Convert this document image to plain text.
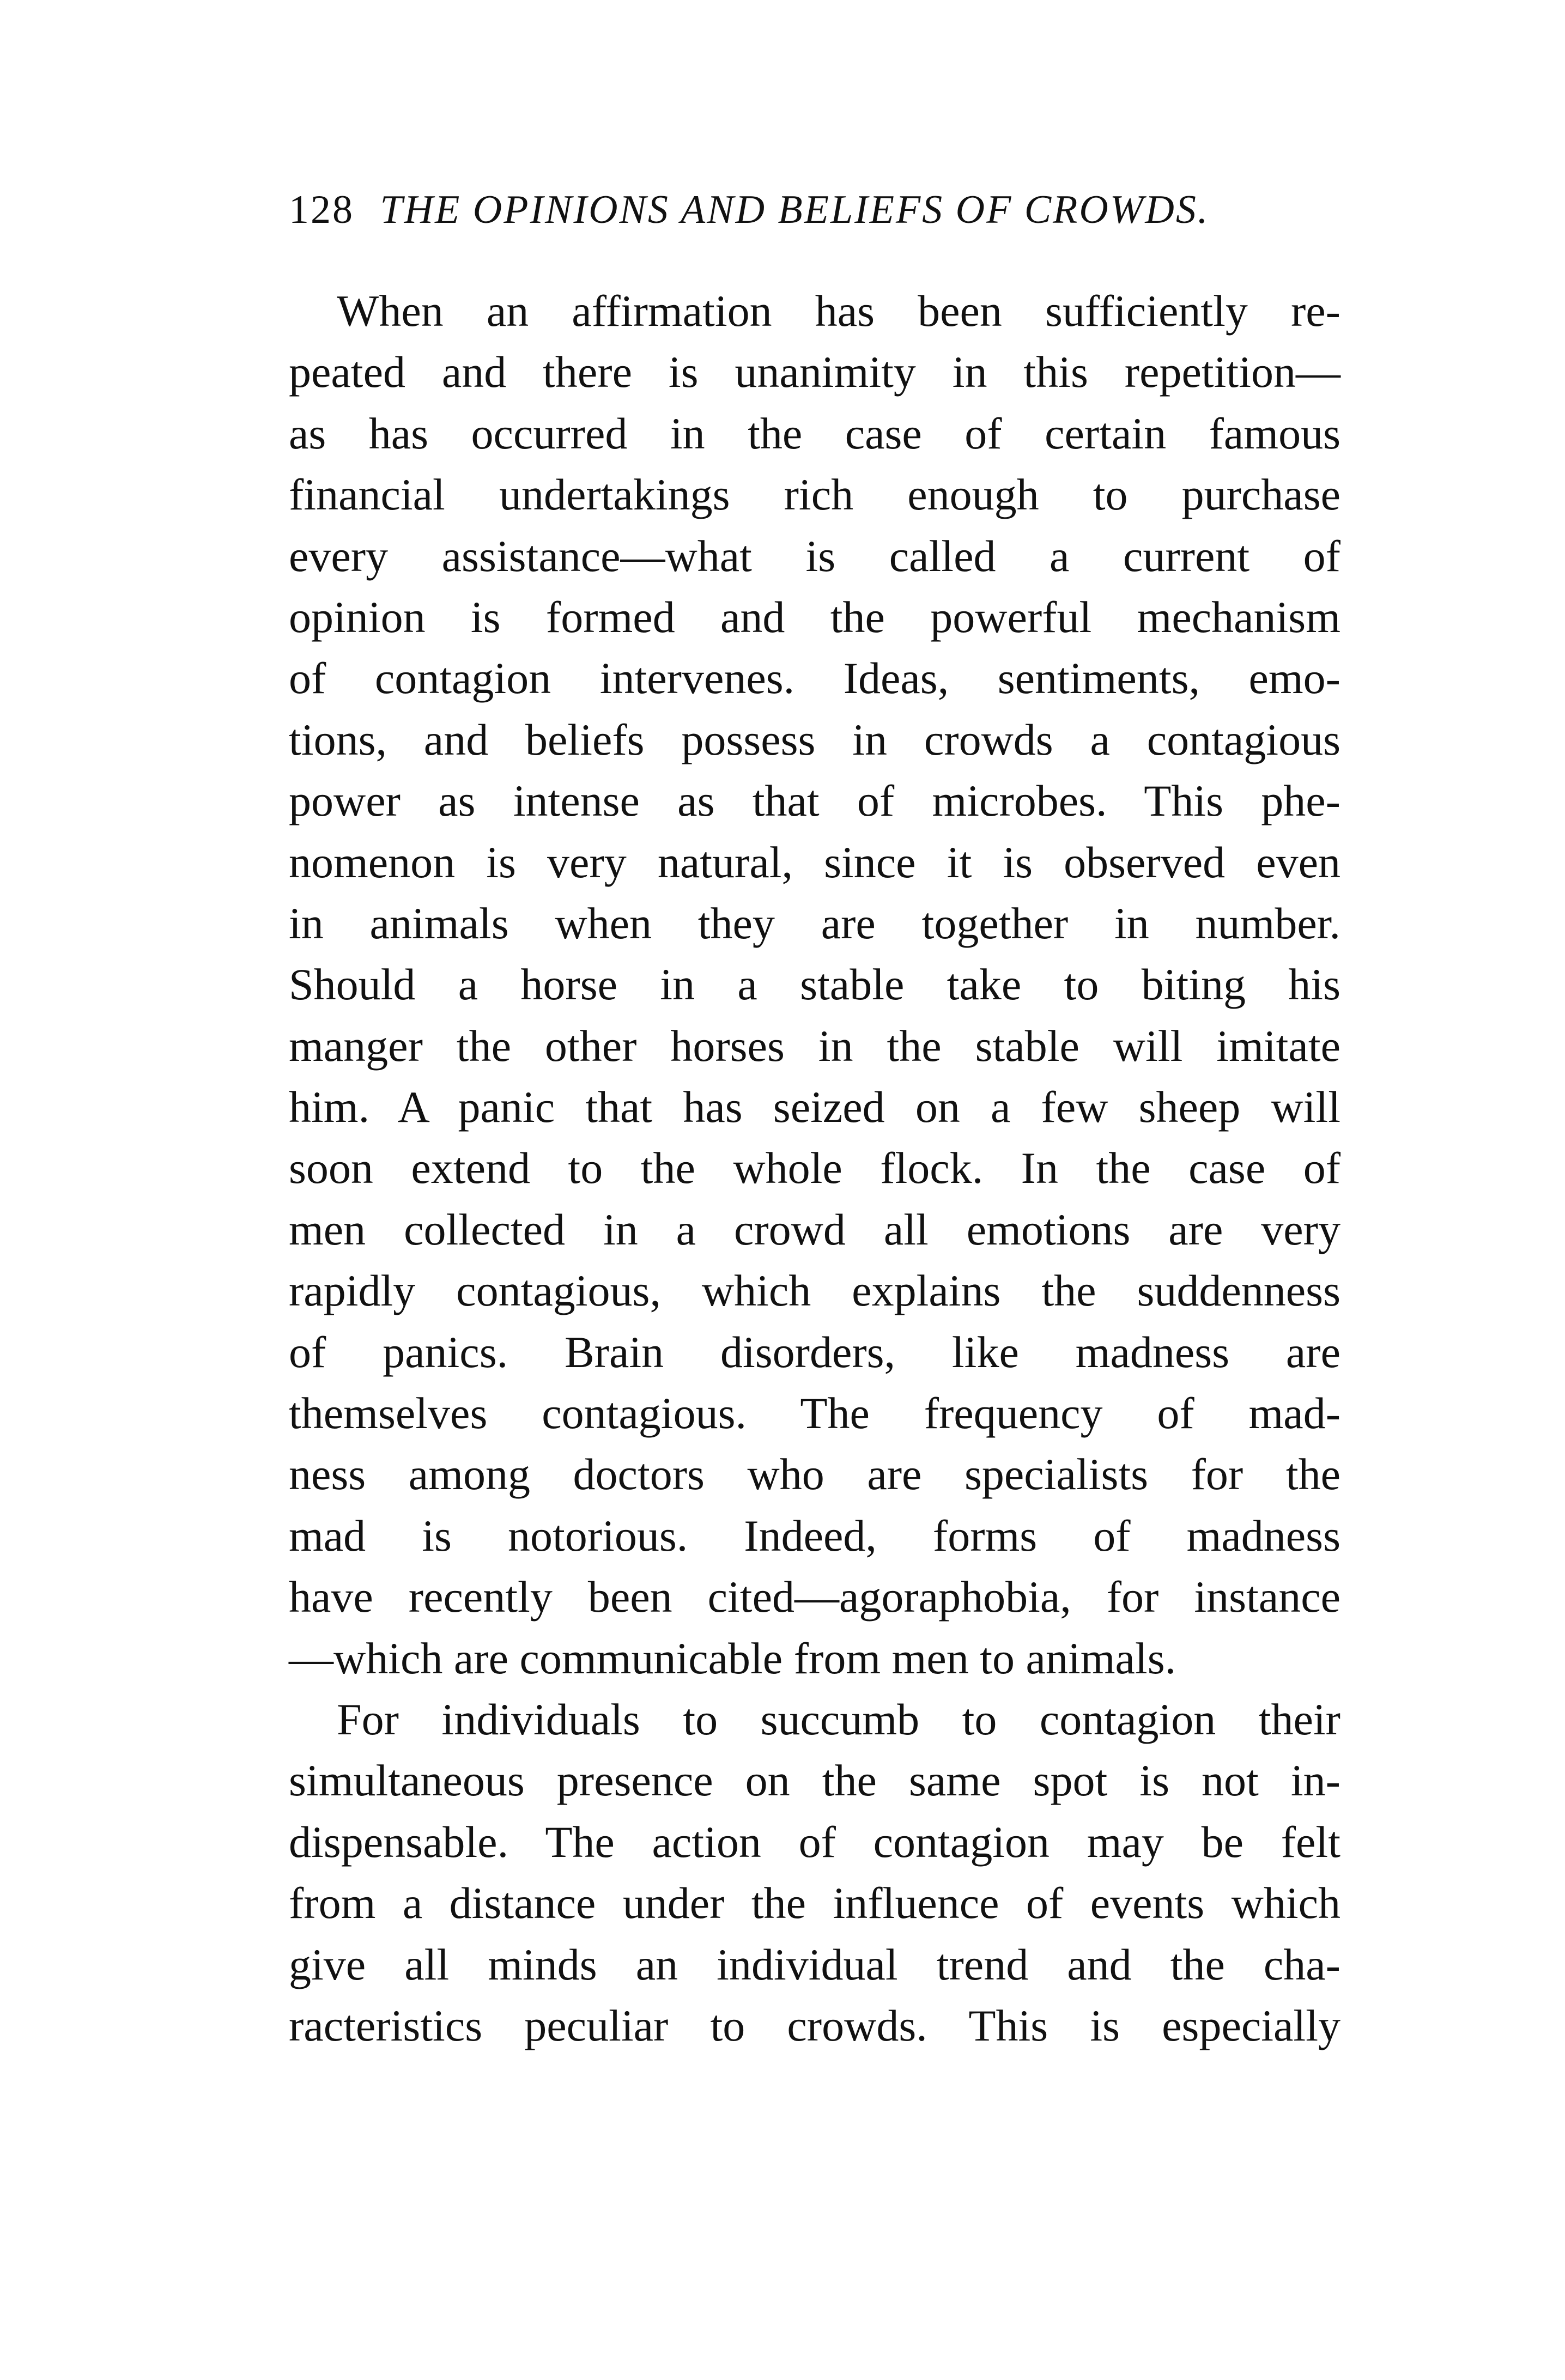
128 THE OPINIONS AND BELIEFS OF CROWDS.
When an affirmation has been sufficiently re-
peated and there is unanimity in this repetition—
as has occurred in the case of certain famous
financial undertakings rich enough to purchase
every assistance—what is called a current of
opinion is formed and the powerful mechanism
of contagion intervenes. Ideas, sentiments, emo-
tions, and beliefs possess in crowds a contagious
power as intense as that of microbes. This phe-
nomenon is very natural, since it is observed even
in animals when they are together in number.
Should a horse in a stable take to biting his
manger the other horses in the stable will imitate
him. A panic that has seized on a few sheep will
soon extend to the whole flock. In the case of
men collected in a crowd all emotions are very
rapidly contagious, which explains the suddenness
of panics. Brain disorders, like madness are
themselves contagious. The frequency of mad-
ness among doctors who are specialists for the
mad is notorious. Indeed, forms of madness
have recently been cited—agoraphobia, for instance
—which are communicable from men to animals.
For individuals to succumb to contagion their
simultaneous presence on the same spot is not in-
dispensable. The action of contagion may be felt
from a distance under the influence of events which
give all minds an individual trend and the cha-
racteristics peculiar to crowds. This is especially
